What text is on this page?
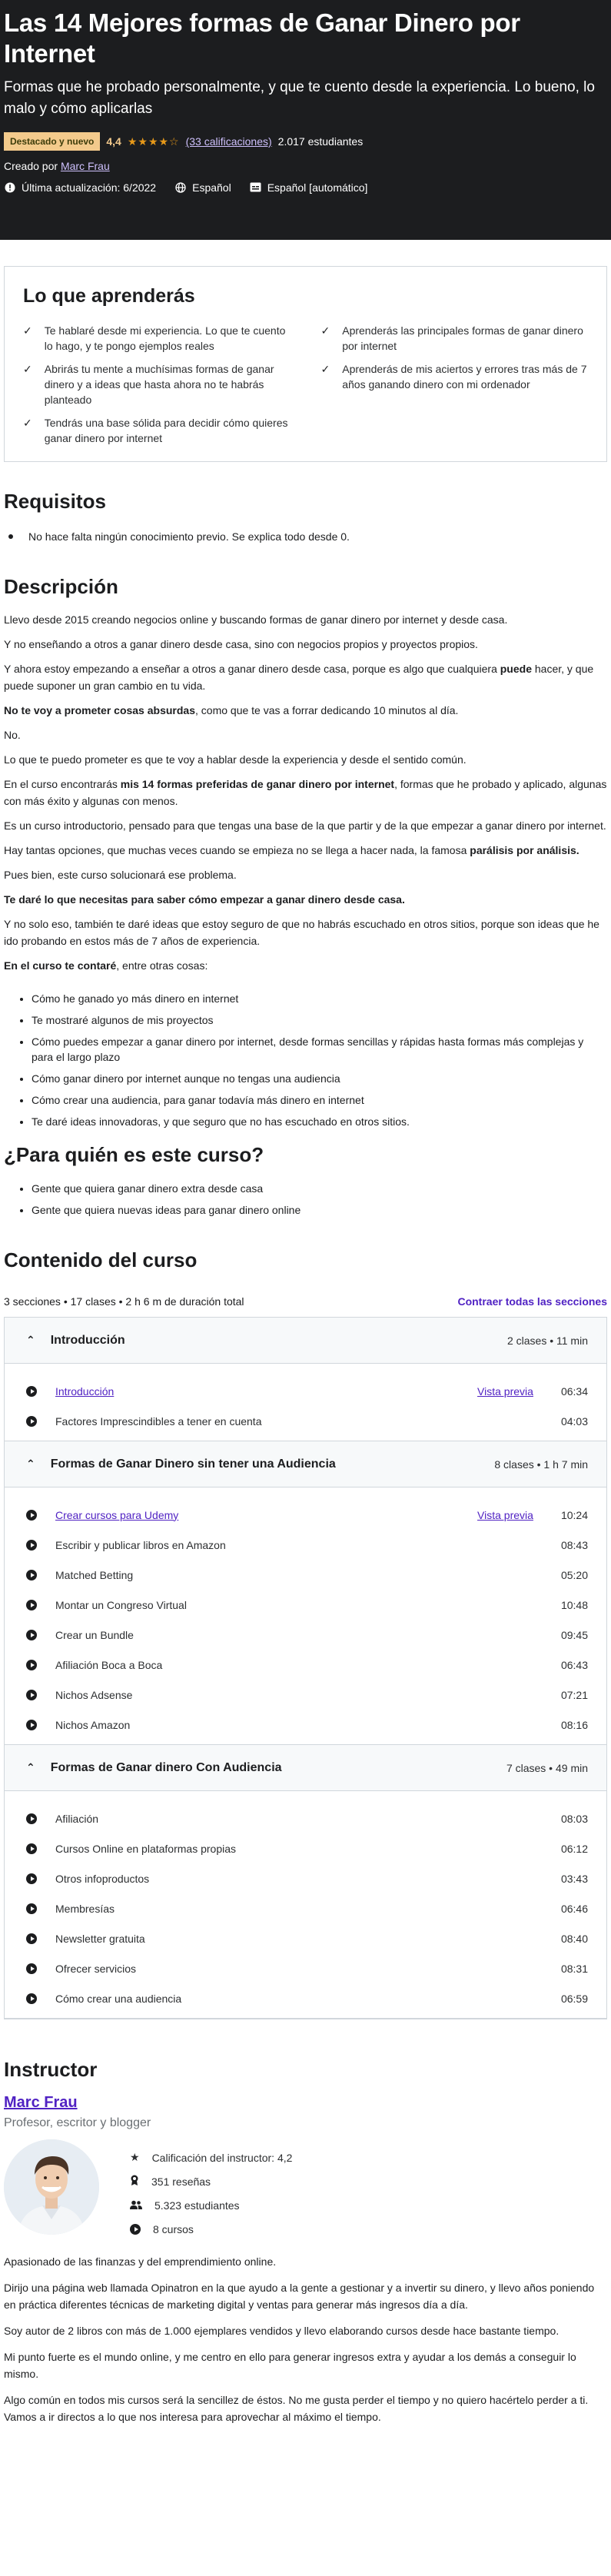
Las 14 Mejores formas de Ganar Dinero por Internet
Formas que he probado personalmente, y que te cuento desde la experiencia. Lo bueno, lo malo y cómo aplicarlas
Destacado y nuevo	4,4 ★★★★☆ (33 calificaciones) 2.017 estudiantes
Creado por Marc Frau
Última actualización: 6/2022	Español	Español [automático]
Lo que aprenderás
✓ Te hablaré desde mi experiencia. Lo que te cuento lo hago, y te pongo ejemplos reales
✓ Aprenderás las principales formas de ganar dinero por internet
✓ Abrirás tu mente a muchísimas formas de ganar dinero y a ideas que hasta ahora no te habrás planteado
✓ Aprenderás de mis aciertos y errores tras más de 7 años ganando dinero con mi ordenador
✓ Tendrás una base sólida para decidir cómo quieres ganar dinero por internet
Requisitos
No hace falta ningún conocimiento previo. Se explica todo desde 0.
Descripción

Llevo desde 2015 creando negocios online y buscando formas de ganar dinero por internet y desde casa.

Y no enseñando a otros a ganar dinero desde casa, sino con negocios propios y proyectos propios.

Y ahora estoy empezando a enseñar a otros a ganar dinero desde casa, porque es algo que cualquiera puede hacer, y que puede suponer un gran cambio en tu vida.

No te voy a prometer cosas absurdas, como que te vas a forrar dedicando 10 minutos al día.

No.

Lo que te puedo prometer es que te voy a hablar desde la experiencia y desde el sentido común.

En el curso encontrarás mis 14 formas preferidas de ganar dinero por internet, formas que he probado y aplicado, algunas con más éxito y algunas con menos.

Es un curso introductorio, pensado para que tengas una base de la que partir y de la que empezar a ganar dinero por internet.

Hay tantas opciones, que muchas veces cuando se empieza no se llega a hacer nada, la famosa parálisis por análisis.

Pues bien, este curso solucionará ese problema.

Te daré lo que necesitas para saber cómo empezar a ganar dinero desde casa.

Y no solo eso, también te daré ideas que estoy seguro de que no habrás escuchado en otros sitios, porque son ideas que he ido probando en estos más de 7 años de experiencia.

En el curso te contaré, entre otras cosas:

• Cómo he ganado yo más dinero en internet
• Te mostraré algunos de mis proyectos
• Cómo puedes empezar a ganar dinero por internet, desde formas sencillas y rápidas hasta formas más complejas y para el largo plazo
• Cómo ganar dinero por internet aunque no tengas una audiencia
• Cómo crear una audiencia, para ganar todavía más dinero en internet
• Te daré ideas innovadoras, y que seguro que no has escuchado en otros sitios.
¿Para quién es este curso?
• Gente que quiera ganar dinero extra desde casa
• Gente que quiera nuevas ideas para ganar dinero online
Contenido del curso
3 secciones • 17 clases • 2 h 6 m de duración total	Contraer todas las secciones
⌃ Introducción	2 clases • 11 min
Introducción	Vista previa	06:34
Factores Imprescindibles a tener en cuenta	04:03
⌃ Formas de Ganar Dinero sin tener una Audiencia	8 clases • 1 h 7 min
Crear cursos para Udemy	Vista previa	10:24
Escribir y publicar libros en Amazon	08:43
Matched Betting	05:20
Montar un Congreso Virtual	10:48
Crear un Bundle	09:45
Afiliación Boca a Boca	06:43
Nichos Adsense	07:21
Nichos Amazon	08:16
⌃ Formas de Ganar dinero Con Audiencia	7 clases • 49 min
Afiliación	08:03
Cursos Online en plataformas propias	06:12
Otros infoproductos	03:43
Membresías	06:46
Newsletter gratuita	08:40
Ofrecer servicios	08:31
Cómo crear una audiencia	06:59
Instructor
Marc Frau
Profesor, escritor y blogger
★ Calificación del instructor: 4,2
351 reseñas
5.323 estudiantes
8 cursos

Apasionado de las finanzas y del emprendimiento online.

Dirijo una página web llamada Opinatron en la que ayudo a la gente a gestionar y a invertir su dinero, y llevo años poniendo en práctica diferentes técnicas de marketing digital y ventas para generar más ingresos día a día.

Soy autor de 2 libros con más de 1.000 ejemplares vendidos y llevo elaborando cursos desde hace bastante tiempo.

Mi punto fuerte es el mundo online, y me centro en ello para generar ingresos extra y ayudar a los demás a conseguir lo mismo.

Algo común en todos mis cursos será la sencillez de éstos. No me gusta perder el tiempo y no quiero hacértelo perder a ti. Vamos a ir directos a lo que nos interesa para aprovechar al máximo el tiempo.
